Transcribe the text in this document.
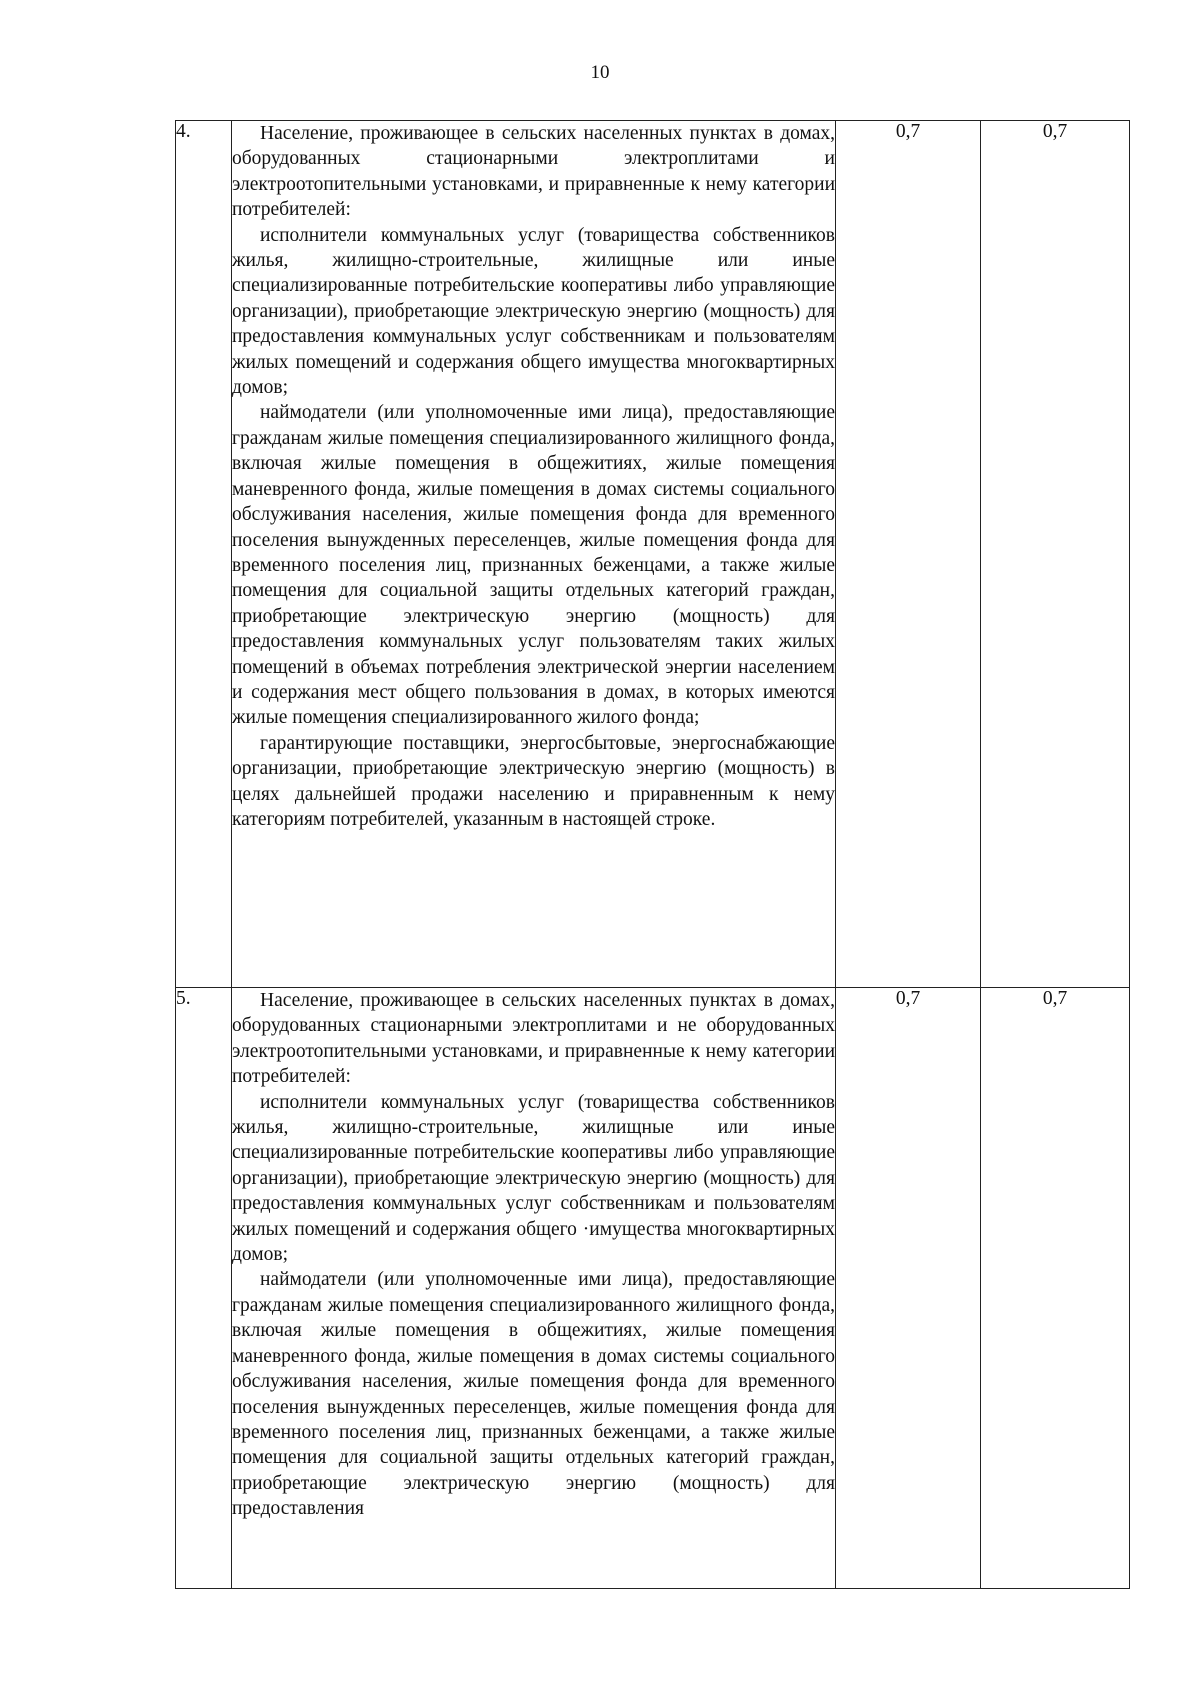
10
4.	Население, проживающее в сельских населенных пунктах в домах, оборудованных стационарными электроплитами и электроотопительными установками, и приравненные к нему категории потребителей:

исполнители коммунальных услуг (товарищества собственников жилья, жилищно-строительные, жилищные или иные специализированные потребительские кооперативы либо управляющие организации), приобретающие электрическую энергию (мощность) для предоставления коммунальных услуг собственникам и пользователям жилых помещений и содержания общего имущества многоквартирных домов;

наймодатели (или уполномоченные ими лица), предоставляющие гражданам жилые помещения специализированного жилищного фонда, включая жилые помещения в общежитиях, жилые помещения маневренного фонда, жилые помещения в домах системы социального обслуживания населения, жилые помещения фонда для временного поселения вынужденных переселенцев, жилые помещения фонда для временного поселения лиц, признанных беженцами, а также жилые помещения для социальной защиты отдельных категорий граждан, приобретающие электрическую энергию (мощность) для предоставления коммунальных услуг пользователям таких жилых помещений в объемах потребления электрической энергии населением и содержания мест общего пользования в домах, в которых имеются жилые помещения специализированного жилого фонда;

гарантирующие поставщики, энергосбытовые, энергоснабжающие организации, приобретающие электрическую энергию (мощность) в целях дальнейшей продажи населению и приравненным к нему категориям потребителей, указанным в настоящей строке.	0,7	0,7
5.	Население, проживающее в сельских населенных пунктах в домах, оборудованных стационарными электроплитами и не оборудованных электроотопительными установками, и приравненные к нему категории потребителей:

исполнители коммунальных услуг (товарищества собственников жилья, жилищно-строительные, жилищные или иные специализированные потребительские кооперативы либо управляющие организации), приобретающие электрическую энергию (мощность) для предоставления коммунальных услуг собственникам и пользователям жилых помещений и содержания общего ·имущества многоквартирных домов;

наймодатели (или уполномоченные ими лица), предоставляющие гражданам жилые помещения специализированного жилищного фонда, включая жилые помещения в общежитиях, жилые помещения маневренного фонда, жилые помещения в домах системы социального обслуживания населения, жилые помещения фонда для временного поселения вынужденных переселенцев, жилые помещения фонда для временного поселения лиц, признанных беженцами, а также жилые помещения для социальной защиты отдельных категорий граждан, приобретающие электрическую энергию (мощность) для предоставления	0,7	0,7
